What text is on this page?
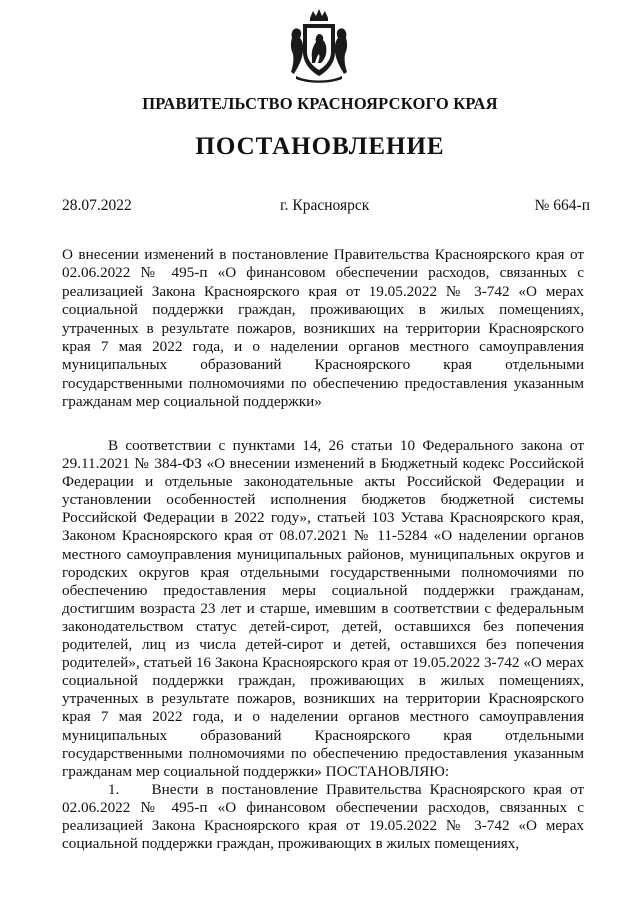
ПРАВИТЕЛЬСТВО КРАСНОЯРСКОГО КРАЯ
ПОСТАНОВЛЕНИЕ
28.07.2022	г. Красноярск	№ 664-п
О внесении изменений в постановление Правительства Красноярского края от 02.06.2022 № 495-п «О финансовом обеспечении расходов, связанных с реализацией Закона Красноярского края от 19.05.2022 № 3-742 «О мерах социальной поддержки граждан, проживающих в жилых помещениях, утраченных в результате пожаров, возникших на территории Красноярского края 7 мая 2022 года, и о наделении органов местного самоуправления муниципальных образований Красноярского края отдельными государственными полномочиями по обеспечению предоставления указанным гражданам мер социальной поддержки»

В соответствии с пунктами 14, 26 статьи 10 Федерального закона от 29.11.2021 № 384-ФЗ «О внесении изменений в Бюджетный кодекс Российской Федерации и отдельные законодательные акты Российской Федерации и установлении особенностей исполнения бюджетов бюджетной системы Российской Федерации в 2022 году», статьей 103 Устава Красноярского края, Законом Красноярского края от 08.07.2021 № 11-5284 «О наделении органов местного самоуправления муниципальных районов, муниципальных округов и городских округов края отдельными государственными полномочиями по обеспечению предоставления меры социальной поддержки гражданам, достигшим возраста 23 лет и старше, имевшим в соответствии с федеральным законодательством статус детей-сирот, детей, оставшихся без попечения родителей, лиц из числа детей-сирот и детей, оставшихся без попечения родителей», статьей 16 Закона Красноярского края от 19.05.2022 3-742 «О мерах социальной поддержки граждан, проживающих в жилых помещениях, утраченных в результате пожаров, возникших на территории Красноярского края 7 мая 2022 года, и о наделении органов местного самоуправления муниципальных образований Красноярского края отдельными государственными полномочиями по обеспечению предоставления указанным гражданам мер социальной поддержки» ПОСТАНОВЛЯЮ:

1. Внести в постановление Правительства Красноярского края от 02.06.2022 № 495-п «О финансовом обеспечении расходов, связанных с реализацией Закона Красноярского края от 19.05.2022 № 3-742 «О мерах социальной поддержки граждан, проживающих в жилых помещениях,
